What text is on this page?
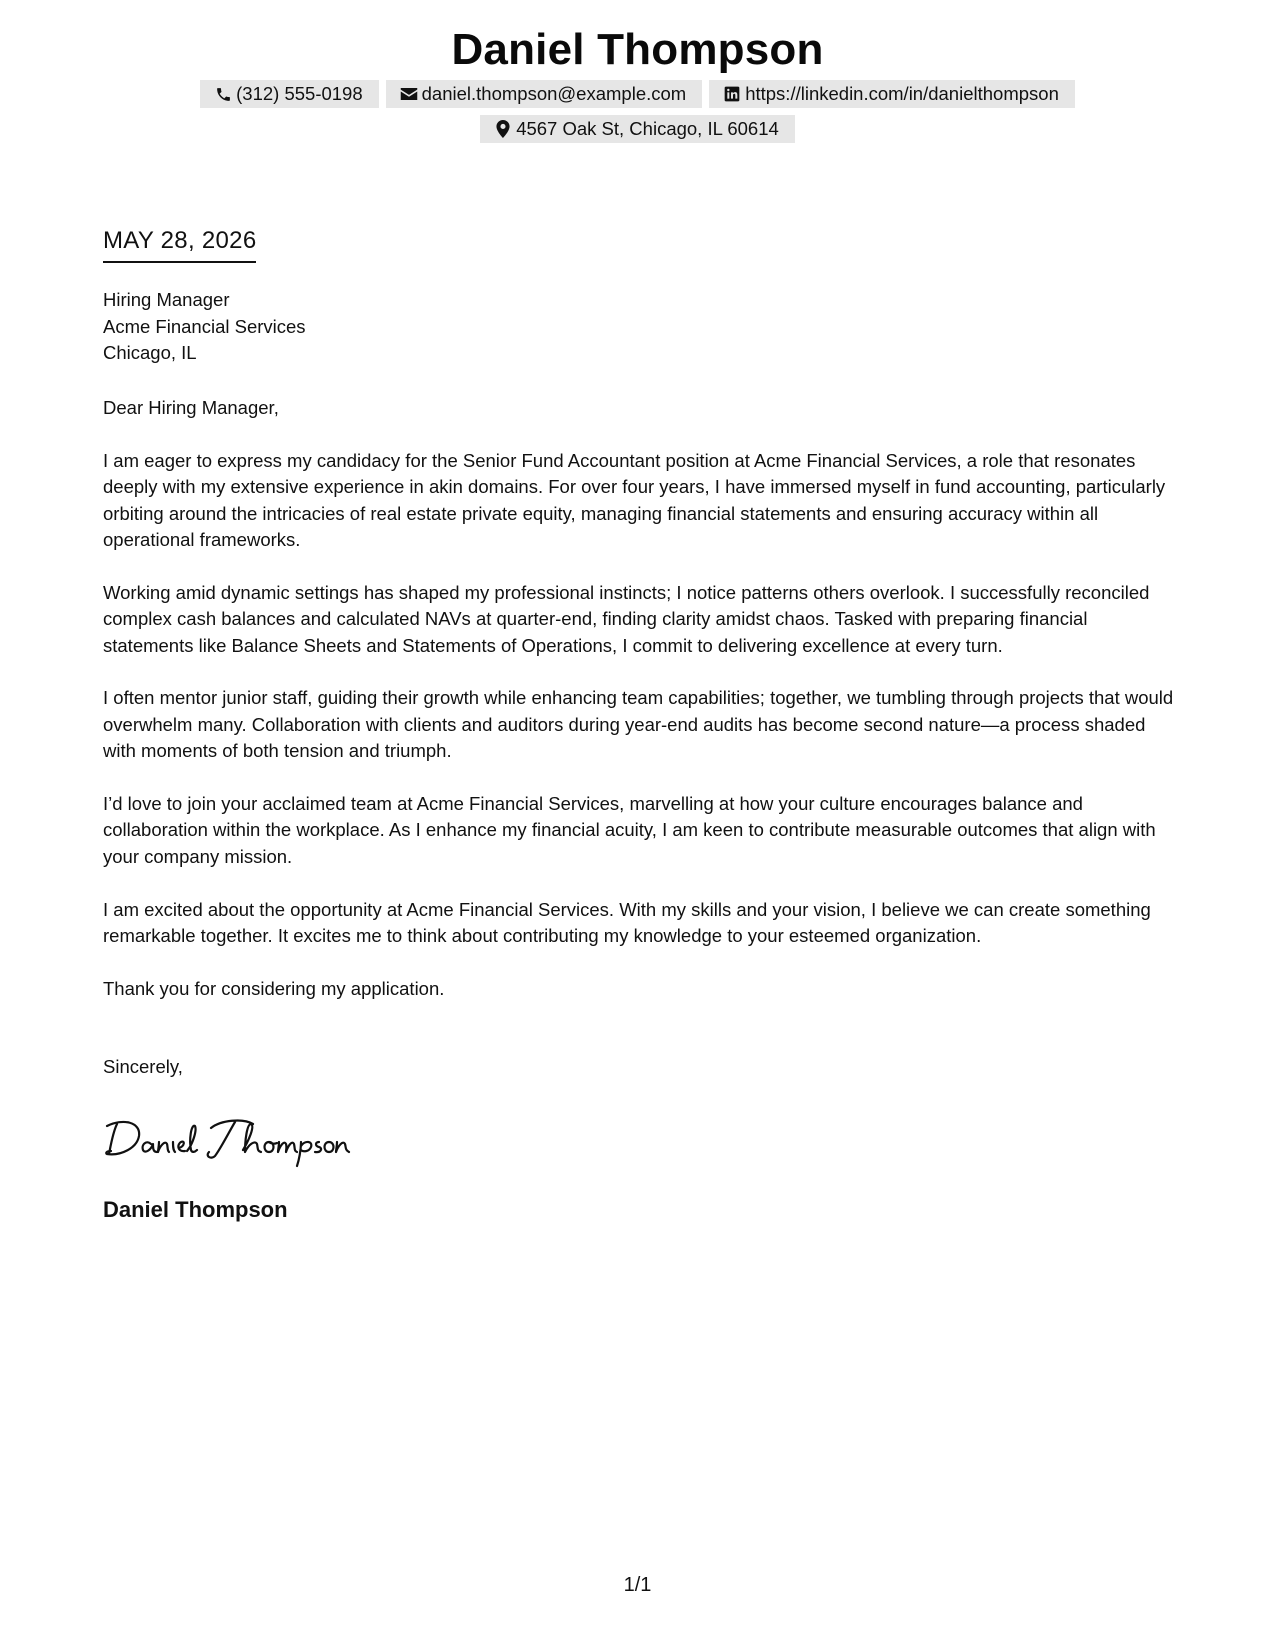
Daniel Thompson
(312) 555-0198	daniel.thompson@example.com	https://linkedin.com/in/danielthompson
4567 Oak St, Chicago, IL 60614
MAY 28, 2026
Hiring Manager
Acme Financial Services
Chicago, IL

Dear Hiring Manager,

I am eager to express my candidacy for the Senior Fund Accountant position at Acme Financial Services, a role that resonates deeply with my extensive experience in akin domains. For over four years, I have immersed myself in fund accounting, particularly orbiting around the intricacies of real estate private equity, managing financial statements and ensuring accuracy within all operational frameworks.

Working amid dynamic settings has shaped my professional instincts; I notice patterns others overlook. I successfully reconciled complex cash balances and calculated NAVs at quarter-end, finding clarity amidst chaos. Tasked with preparing financial statements like Balance Sheets and Statements of Operations, I commit to delivering excellence at every turn.

I often mentor junior staff, guiding their growth while enhancing team capabilities; together, we tumbling through projects that would overwhelm many. Collaboration with clients and auditors during year-end audits has become second nature—a process shaded with moments of both tension and triumph.

I’d love to join your acclaimed team at Acme Financial Services, marvelling at how your culture encourages balance and collaboration within the workplace. As I enhance my financial acuity, I am keen to contribute measurable outcomes that align with your company mission.

I am excited about the opportunity at Acme Financial Services. With my skills and your vision, I believe we can create something remarkable together. It excites me to think about contributing my knowledge to your esteemed organization.

Thank you for considering my application.

Sincerely,
Daniel Thompson
1/1
